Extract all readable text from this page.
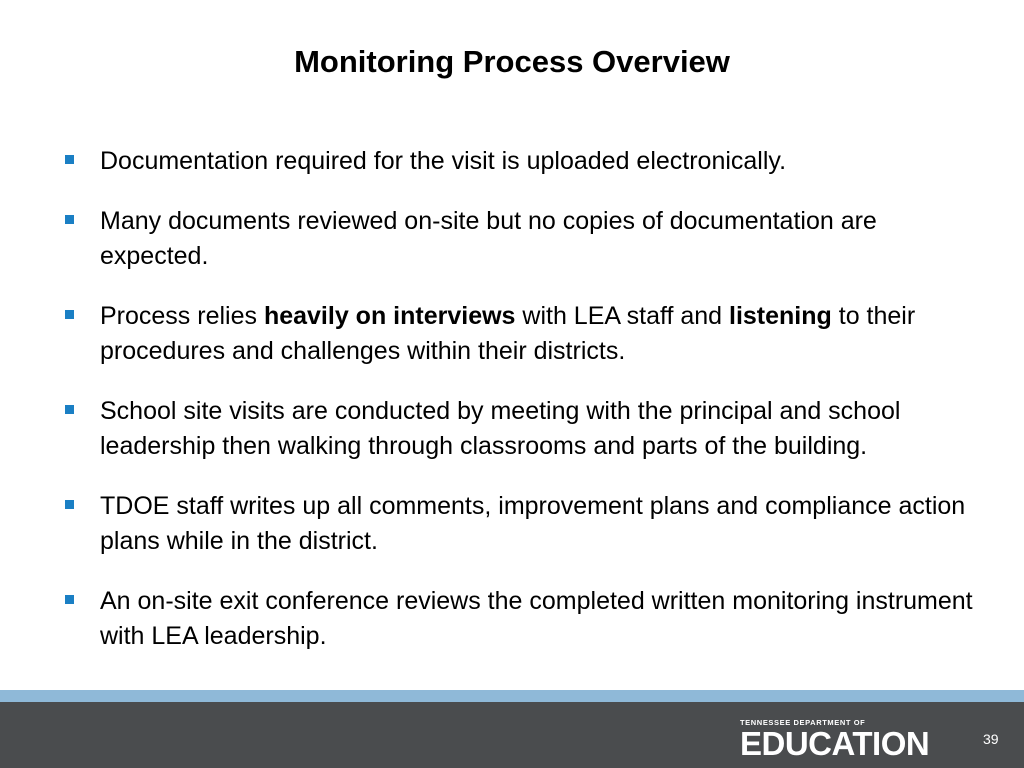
Monitoring Process Overview
Documentation required for the visit is uploaded electronically.
Many documents reviewed on-site but no copies of documentation are expected.
Process relies heavily on interviews with LEA staff and listening to their procedures and challenges within their districts.
School site visits are conducted by meeting with the principal and school leadership then walking through classrooms and parts of the building.
TDOE staff writes up all comments, improvement plans and compliance action plans while in the district.
An on-site exit conference reviews the completed written monitoring instrument with LEA leadership.
TENNESSEE DEPARTMENT OF
EDUCATION	39
